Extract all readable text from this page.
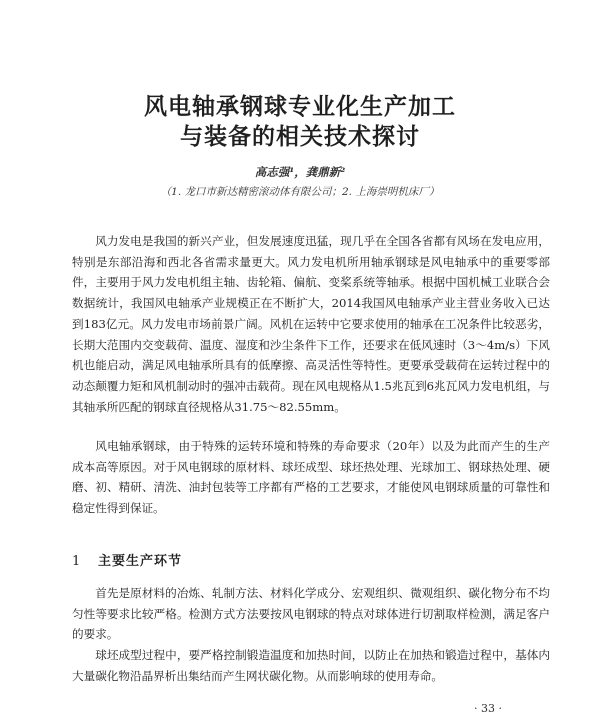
风电轴承钢球专业化生产加工
与装备的相关技术探讨
高志强¹，龚鼎新²
（1. 龙口市新达精密滚动体有限公司；2. 上海崇明机床厂）

风力发电是我国的新兴产业，但发展速度迅猛，现几乎在全国各省都有风场在发电应用，特别是东部沿海和西北各省需求量更大。风力发电机所用轴承钢球是风电轴承中的重要零部件，主要用于风力发电机组主轴、齿轮箱、偏航、变桨系统等轴承。根据中国机械工业联合会数据统计，我国风电轴承产业规模正在不断扩大，2014我国风电轴承产业主营业务收入已达到183亿元。风力发电市场前景广阔。风机在运转中它要求使用的轴承在工况条件比较恶劣，长期大范围内交变载荷、温度、湿度和沙尘条件下工作，还要求在低风速时（3～4m/s）下风机也能启动，满足风电轴承所具有的低摩擦、高灵活性等特性。更要承受载荷在运转过程中的动态颠覆力矩和风机制动时的强冲击载荷。现在风电规格从1.5兆瓦到6兆瓦风力发电机组，与其轴承所匹配的钢球直径规格从31.75～82.55mm。

风电轴承钢球，由于特殊的运转环境和特殊的寿命要求（20年）以及为此而产生的生产成本高等原因。对于风电钢球的原材料、球坯成型、球坯热处理、光球加工、钢球热处理、硬磨、初、精研、清洗、油封包装等工序都有严格的工艺要求，才能使风电钢球质量的可靠性和稳定性得到保证。

1 主要生产环节

首先是原材料的冶炼、轧制方法、材料化学成分、宏观组织、微观组织、碳化物分布不均匀性等要求比较严格。检测方式方法要按风电钢球的特点对球体进行切割取样检测，满足客户的要求。

球坯成型过程中，要严格控制锻造温度和加热时间，以防止在加热和锻造过程中，基体内大量碳化物沿晶界析出集结而产生网状碳化物。从而影响球的使用寿命。

· 33 ·
